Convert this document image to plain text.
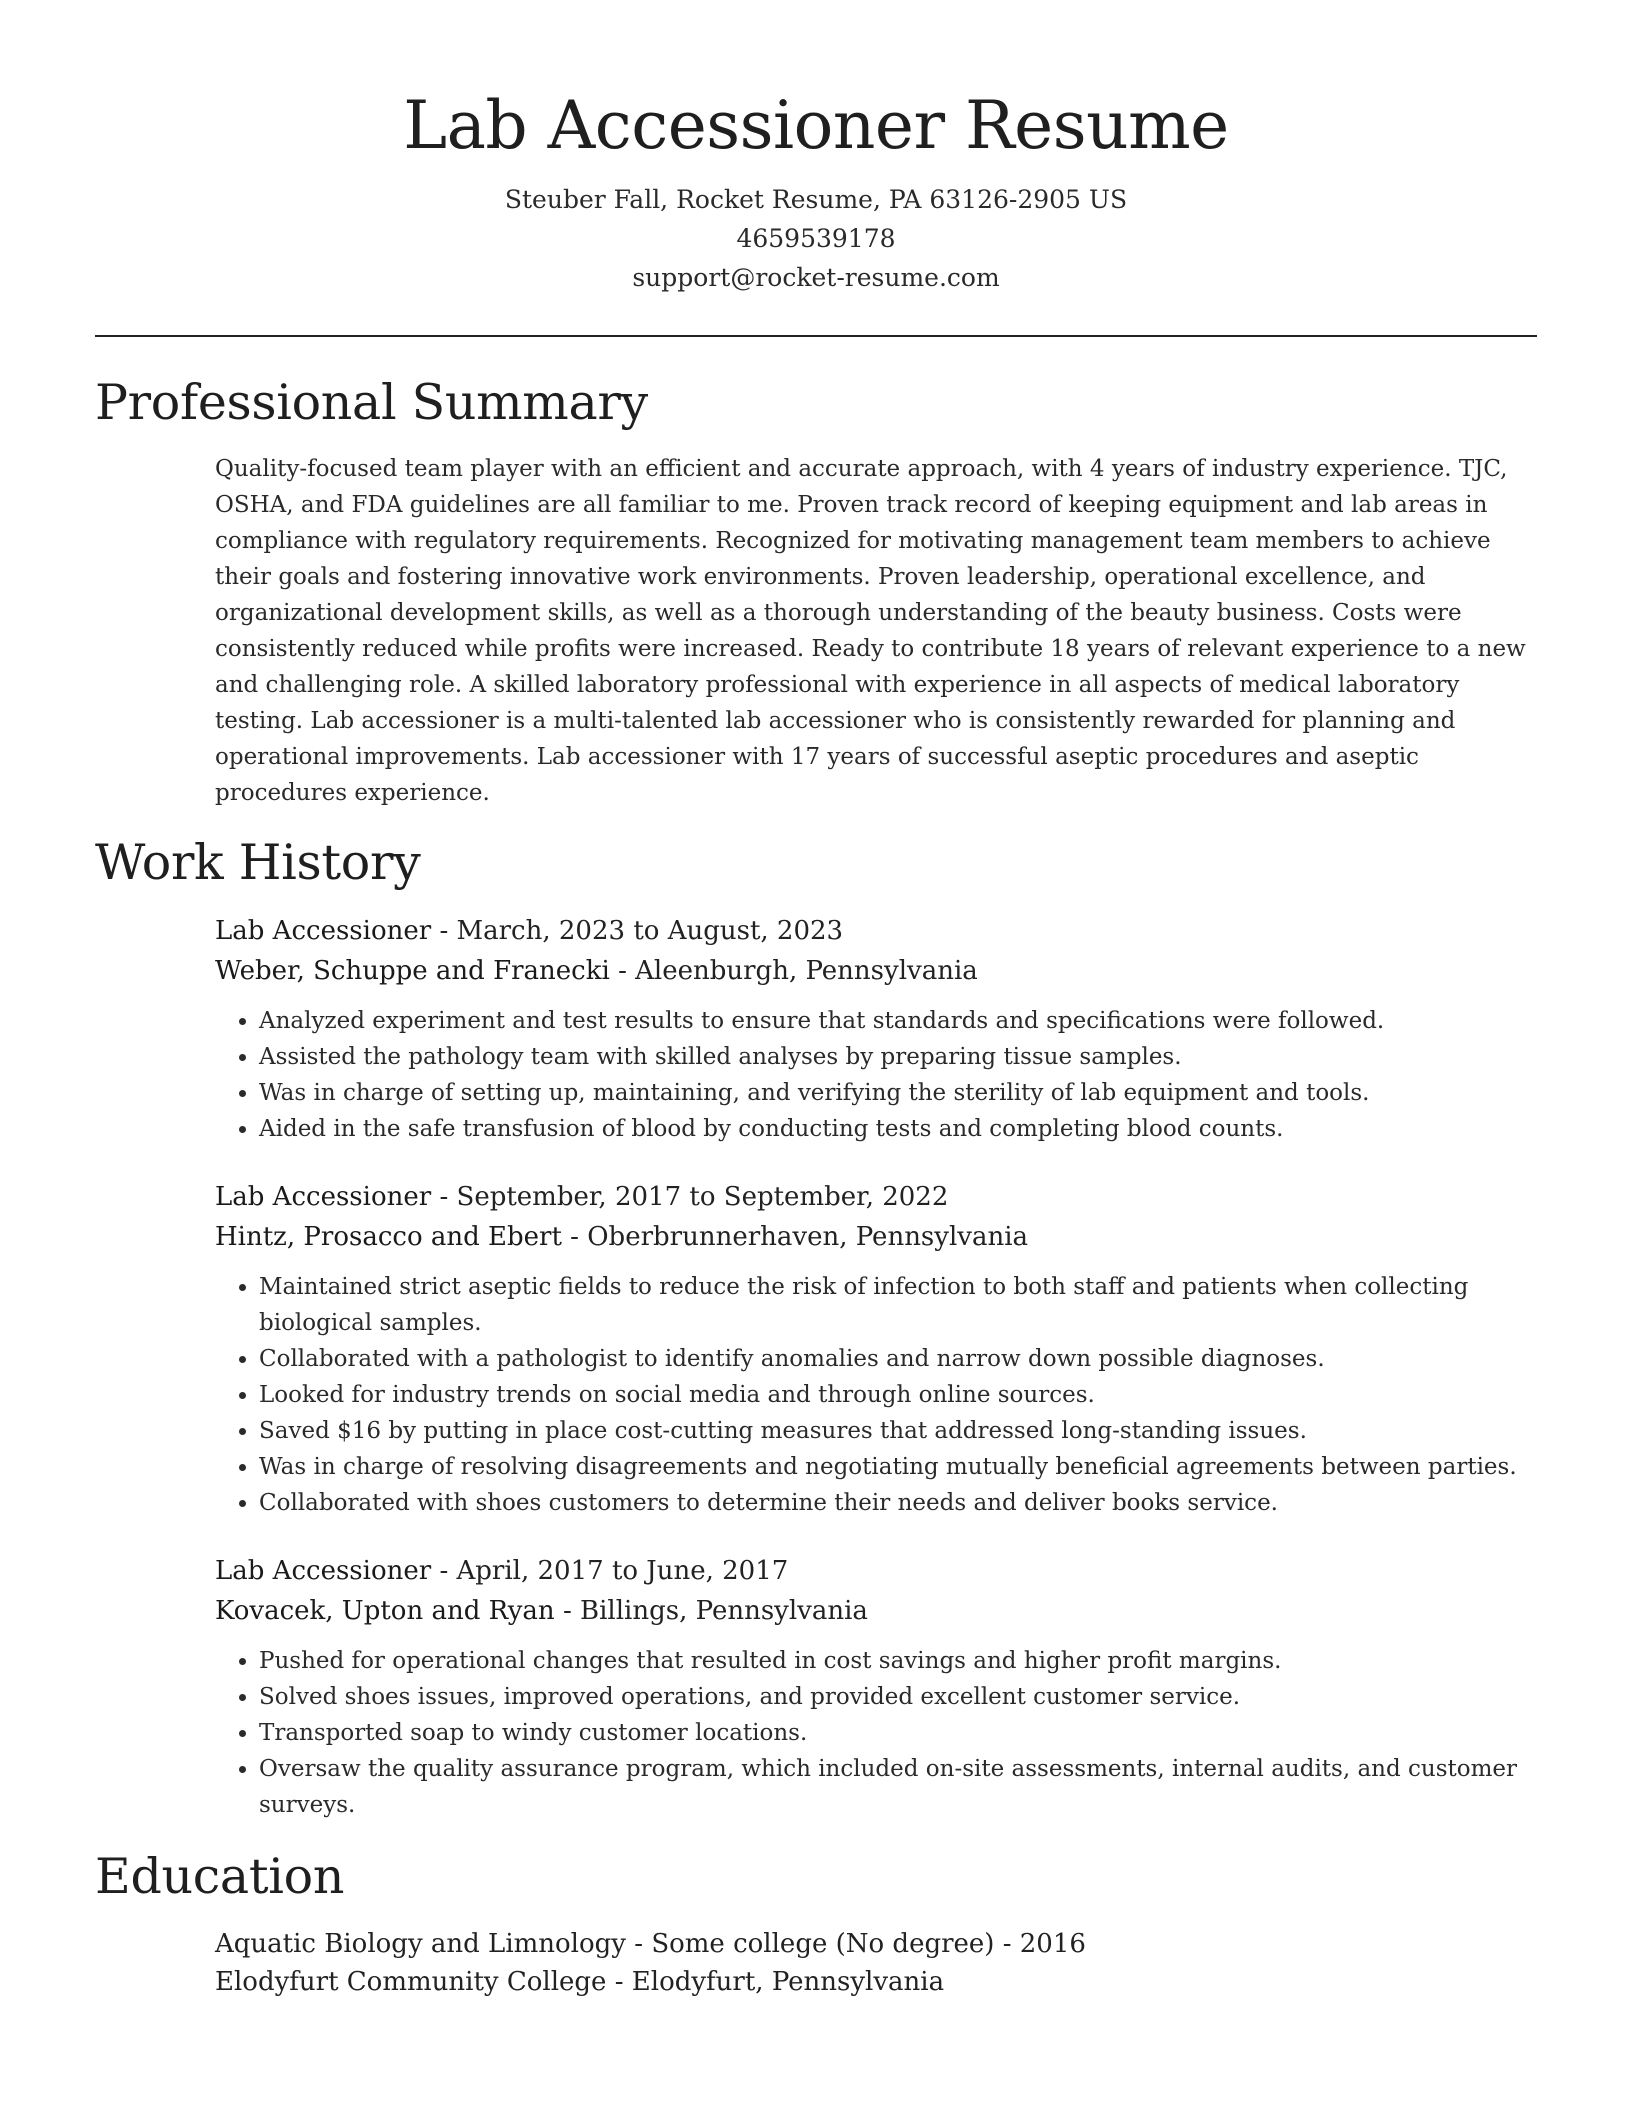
Lab Accessioner Resume
Steuber Fall, Rocket Resume, PA 63126-2905 US
4659539178
support@rocket-resume.com
Professional Summary
Quality-focused team player with an efficient and accurate approach, with 4 years of industry experience. TJC, OSHA, and FDA guidelines are all familiar to me. Proven track record of keeping equipment and lab areas in compliance with regulatory requirements. Recognized for motivating management team members to achieve their goals and fostering innovative work environments. Proven leadership, operational excellence, and organizational development skills, as well as a thorough understanding of the beauty business. Costs were consistently reduced while profits were increased. Ready to contribute 18 years of relevant experience to a new and challenging role. A skilled laboratory professional with experience in all aspects of medical laboratory testing. Lab accessioner is a multi-talented lab accessioner who is consistently rewarded for planning and operational improvements. Lab accessioner with 17 years of successful aseptic procedures and aseptic procedures experience.
Work History
Lab Accessioner - March, 2023 to August, 2023
Weber, Schuppe and Franecki - Aleenburgh, Pennsylvania
• Analyzed experiment and test results to ensure that standards and specifications were followed.
• Assisted the pathology team with skilled analyses by preparing tissue samples.
• Was in charge of setting up, maintaining, and verifying the sterility of lab equipment and tools.
• Aided in the safe transfusion of blood by conducting tests and completing blood counts.
Lab Accessioner - September, 2017 to September, 2022
Hintz, Prosacco and Ebert - Oberbrunnerhaven, Pennsylvania
• Maintained strict aseptic fields to reduce the risk of infection to both staff and patients when collecting biological samples.
• Collaborated with a pathologist to identify anomalies and narrow down possible diagnoses.
• Looked for industry trends on social media and through online sources.
• Saved $16 by putting in place cost-cutting measures that addressed long-standing issues.
• Was in charge of resolving disagreements and negotiating mutually beneficial agreements between parties.
• Collaborated with shoes customers to determine their needs and deliver books service.
Lab Accessioner - April, 2017 to June, 2017
Kovacek, Upton and Ryan - Billings, Pennsylvania
• Pushed for operational changes that resulted in cost savings and higher profit margins.
• Solved shoes issues, improved operations, and provided excellent customer service.
• Transported soap to windy customer locations.
• Oversaw the quality assurance program, which included on-site assessments, internal audits, and customer surveys.
Education
Aquatic Biology and Limnology - Some college (No degree) - 2016
Elodyfurt Community College - Elodyfurt, Pennsylvania
